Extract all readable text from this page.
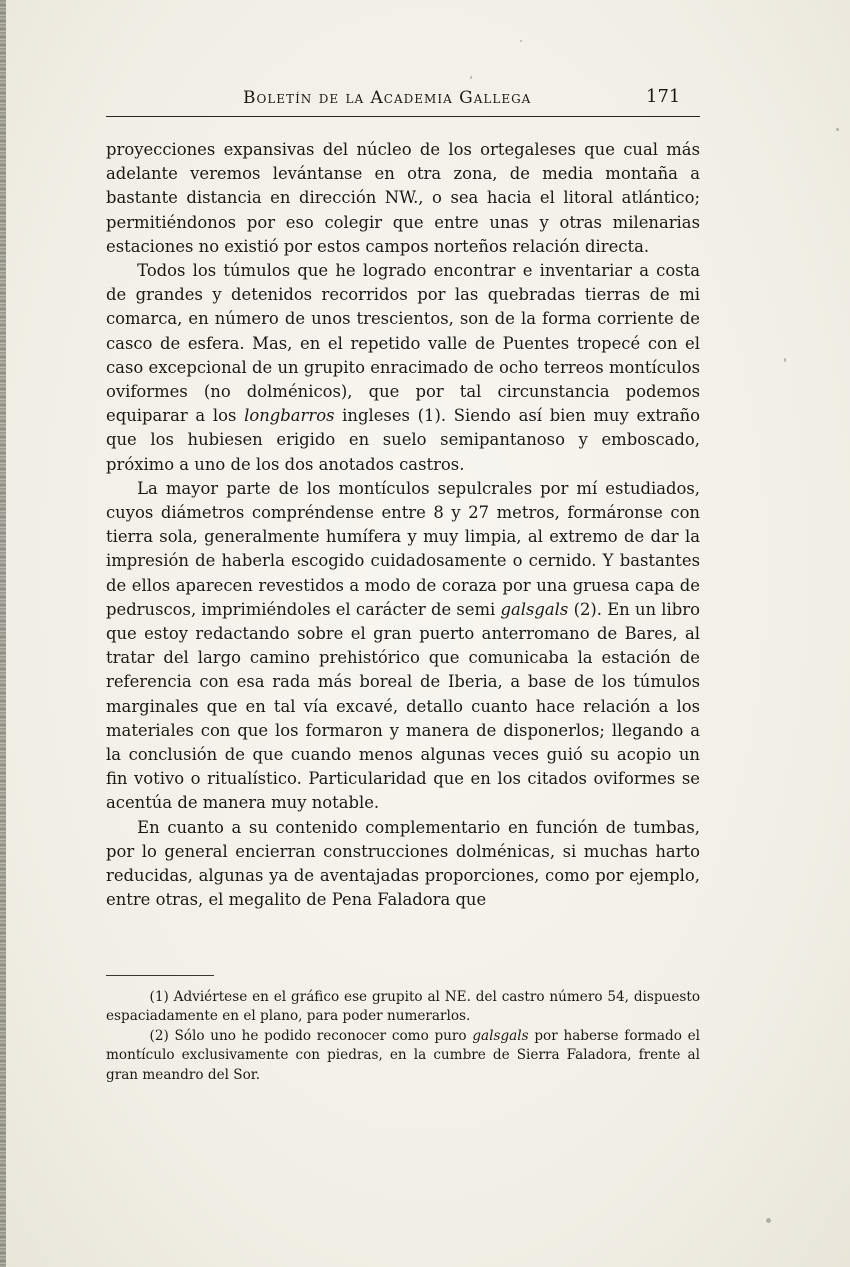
Boletín de la Academia Gallega	171

proyecciones expansivas del núcleo de los ortegaleses que cual más adelante veremos levántanse en otra zona, de media montaña a bastante distancia en dirección NW., o sea hacia el litoral atlántico; permitiéndonos por eso colegir que entre unas y otras milenarias estaciones no existió por estos campos norteños relación directa.

Todos los túmulos que he logrado encontrar e inventariar a costa de grandes y detenidos recorridos por las quebradas tierras de mi comarca, en número de unos trescientos, son de la forma corriente de casco de esfera. Mas, en el repetido valle de Puentes tropecé con el caso excepcional de un grupito enracimado de ocho terreos montículos oviformes (no dolménicos), que por tal circunstancia podemos equiparar a los longbarros ingleses (1). Siendo así bien muy extraño que los hubiesen erigido en suelo semipantanoso y emboscado, próximo a uno de los dos anotados castros.

La mayor parte de los montículos sepulcrales por mí estudiados, cuyos diámetros compréndense entre 8 y 27 metros, formáronse con tierra sola, generalmente humífera y muy limpia, al extremo de dar la impresión de haberla escogido cuidadosamente o cernido. Y bastantes de ellos aparecen revestidos a modo de coraza por una gruesa capa de pedruscos, imprimiéndoles el carácter de semi galsgals (2). En un libro que estoy redactando sobre el gran puerto anterromano de Bares, al tratar del largo camino prehistórico que comunicaba la estación de referencia con esa rada más boreal de Iberia, a base de los túmulos marginales que en tal vía excavé, detallo cuanto hace relación a los materiales con que los formaron y manera de disponerlos; llegando a la conclusión de que cuando menos algunas veces guió su acopio un fin votivo o ritualístico. Particularidad que en los citados oviformes se acentúa de manera muy notable.

En cuanto a su contenido complementario en función de tumbas, por lo general encierran construcciones dolménicas, si muchas harto reducidas, algunas ya de aventajadas proporciones, como por ejemplo, entre otras, el megalito de Pena Faladora que

(1) Adviértese en el gráfico ese grupito al NE. del castro número 54, dispuesto espaciadamente en el plano, para poder numerarlos.

(2) Sólo uno he podido reconocer como puro galsgals por haberse formado el montículo exclusivamente con piedras, en la cumbre de Sierra Faladora, frente al gran meandro del Sor.
